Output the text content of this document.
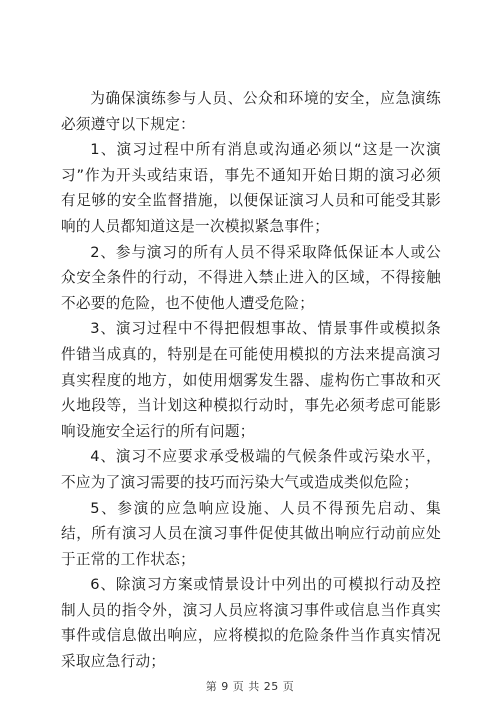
为确保演练参与人员、公众和环境的安全，应急演练必须遵守以下规定：

1、演习过程中所有消息或沟通必须以“这是一次演习”作为开头或结束语，事先不通知开始日期的演习必须有足够的安全监督措施，以便保证演习人员和可能受其影响的人员都知道这是一次模拟紧急事件；

2、参与演习的所有人员不得采取降低保证本人或公众安全条件的行动，不得进入禁止进入的区域，不得接触不必要的危险，也不使他人遭受危险；

3、演习过程中不得把假想事故、情景事件或模拟条件错当成真的，特别是在可能使用模拟的方法来提高演习真实程度的地方，如使用烟雾发生器、虚构伤亡事故和灭火地段等，当计划这种模拟行动时，事先必须考虑可能影响设施安全运行的所有问题；

4、演习不应要求承受极端的气候条件或污染水平，不应为了演习需要的技巧而污染大气或造成类似危险；

5、参演的应急响应设施、人员不得预先启动、集结，所有演习人员在演习事件促使其做出响应行动前应处于正常的工作状态；

6、除演习方案或情景设计中列出的可模拟行动及控制人员的指令外，演习人员应将演习事件或信息当作真实事件或信息做出响应，应将模拟的危险条件当作真实情况采取应急行动；

第 9 页 共 25 页
